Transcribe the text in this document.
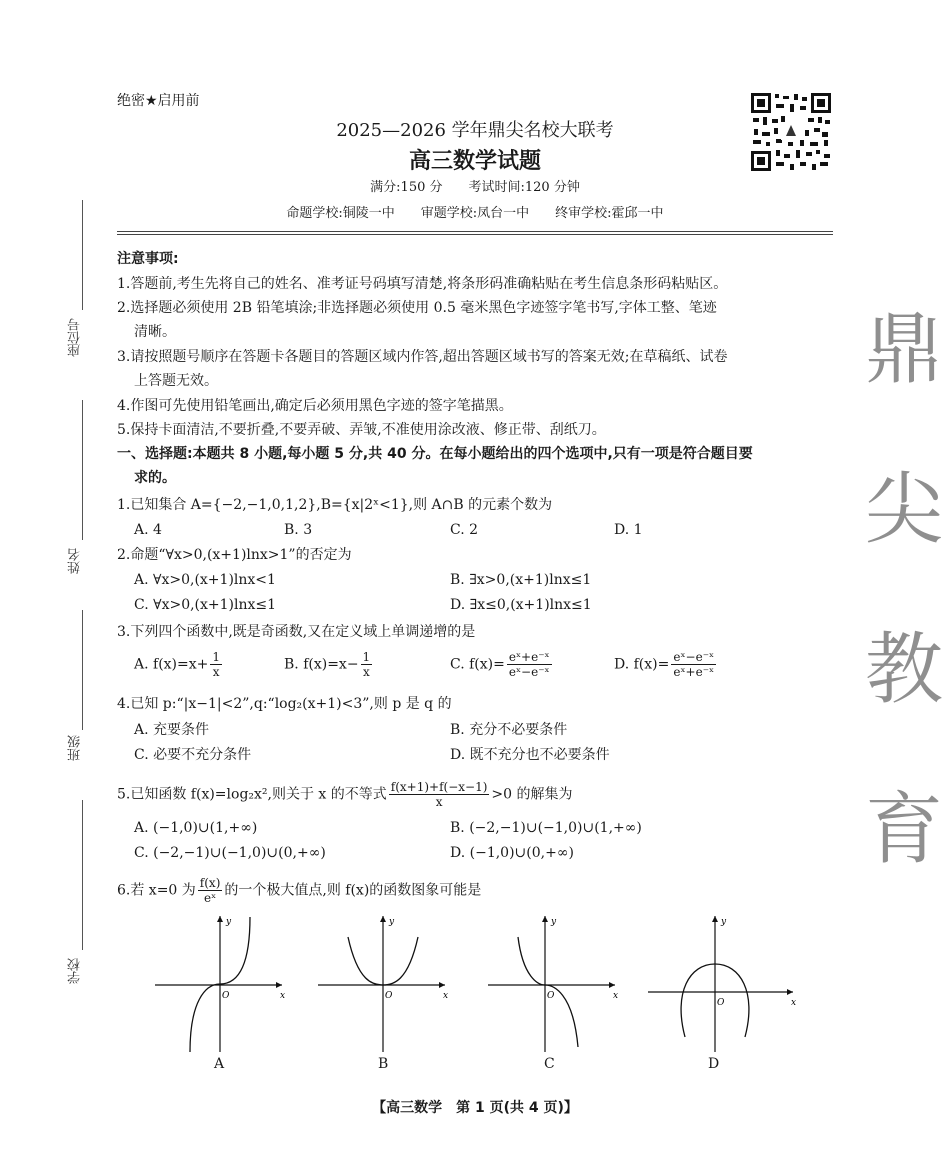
绝密★启用前
2025—2026 学年鼎尖名校大联考
高三数学试题
满分:150 分　　考试时间:120 分钟
命题学校:铜陵一中　　审题学校:凤台一中　　终审学校:霍邱一中
座位号
姓名
班级
学校
鼎
尖
教
育
注意事项:
1.答题前,考生先将自己的姓名、准考证号码填写清楚,将条形码准确粘贴在考生信息条形码粘贴区。
2.选择题必须使用 2B 铅笔填涂;非选择题必须使用 0.5 毫米黑色字迹签字笔书写,字体工整、笔迹
清晰。
3.请按照题号顺序在答题卡各题目的答题区域内作答,超出答题区域书写的答案无效;在草稿纸、试卷
上答题无效。
4.作图可先使用铅笔画出,确定后必须用黑色字迹的签字笔描黑。
5.保持卡面清洁,不要折叠,不要弄破、弄皱,不准使用涂改液、修正带、刮纸刀。
一、选择题:本题共 8 小题,每小题 5 分,共 40 分。在每小题给出的四个选项中,只有一项是符合题目要
求的。
1.已知集合 A={−2,−1,0,1,2},B={x|2ˣ<1},则 A∩B 的元素个数为
A. 4	B. 3	C. 2	D. 1
2.命题“∀x>0,(x+1)lnx>1”的否定为
A. ∀x>0,(x+1)lnx<1	B. ∃x>0,(x+1)lnx≤1
C. ∀x>0,(x+1)lnx≤1	D. ∃x≤0,(x+1)lnx≤1
3.下列四个函数中,既是奇函数,又在定义域上单调递增的是
A. $f(x)=x+ \frac{1}{x}$	B. $f(x)=x- \frac{1}{x}$	C. $f(x)= \frac{\text{eˣ+e⁻ˣ}}{\text{eˣ−e⁻ˣ}}$	D. $f(x)= \frac{\text{eˣ−e⁻ˣ}}{\text{eˣ+e⁻ˣ}}$
4.已知 p:“|x−1|<2”,q:“log₂(x+1)<3”,则 p 是 q 的
A. 充要条件	B. 充分不必要条件
C. 必要不充分条件	D. 既不充分也不必要条件
5.已知函数 f(x)=log₂x²,则关于 x 的不等式 $\frac{f(x+1)+f(-x-1)}{x} >0$ 的解集为
A. (−1,0)∪(1,+∞)	B. (−2,−1)∪(−1,0)∪(1,+∞)
C. (−2,−1)∪(−1,0)∪(0,+∞)	D. (−1,0)∪(0,+∞)
6.若 x=0 为 $\frac{f(x)}{\text{eˣ}}$ 的一个极大值点,则 f(x)的函数图象可能是
y
x
O
y
x
O
y
x
O
y
x
O
A	B	C	D
【高三数学　第 1 页(共 4 页)】
